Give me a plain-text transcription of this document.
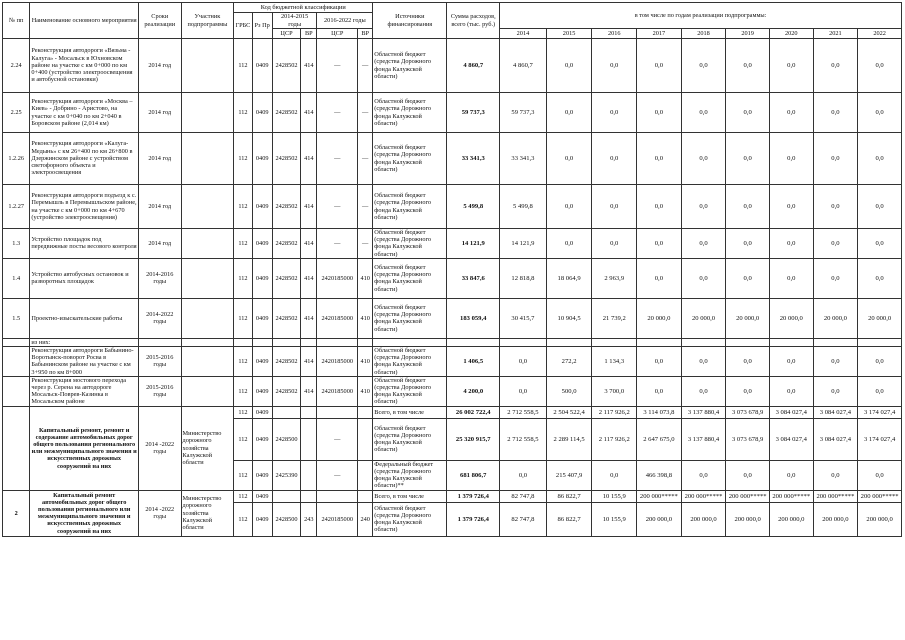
№ пп	Наименование основного мероприятия	Сроки реализации	Участник подпрограммы	Код бюджетной классификации						Источники финансирования	Сумма расходов, всего (тыс. руб.)	в том числе по годам реализации подпрограммы:								
				ГРБС	Рз Пр	2014-2015 годы		2016-2022 годы												

						ЦСР	ВР	ЦСР	ВР			2014	2015	2016	2017	2018	2019	2020	2021	2022
2.24	Реконструкция автодороги «Вязьма - Калуга» - Мосальск в Юхновском районе на участке с км 0+000 по км 0+400 (устройство электроосвещения и автобусной остановки)	2014 год		112	0409	2428502	414	—	—	Областной бюджет (средства Дорожного фонда Калужской области)	4 860,7	4 860,7	0,0	0,0	0,0	0,0	0,0	0,0	0,0	0,0
2.25	Реконструкция автодороги «Москва – Киев» - Добрино - Аристово, на участке с км 0+040 по км 2+040 в Боровском районе (2,014 км)	2014 год		112	0409	2428502	414	—	—	Областной бюджет (средства Дорожного фонда Калужской области)	59 737,3	59 737,3	0,0	0,0	0,0	0,0	0,0	0,0	0,0	0,0
1.2.26	Реконструкция автодороги «Калуга-Медынь» с км 26+400 по км 26+800 в Дзержинском районе с устройством светофорного объекта и электроосвещения	2014 год		112	0409	2428502	414	—	—	Областной бюджет (средства Дорожного фонда Калужской области)	33 341,3	33 341,3	0,0	0,0	0,0	0,0	0,0	0,0	0,0	0,0
1.2.27	Реконструкция автодороги подъезд к с. Перемышль в Перемышльском районе, на участке с км 0+000 по км 4+670 (устройство электроосвещения)	2014 год		112	0409	2428502	414	—	—	Областной бюджет (средства Дорожного фонда Калужской области)	5 499,8	5 499,8	0,0	0,0	0,0	0,0	0,0	0,0	0,0	0,0
1.3	Устройство площадок под передвижные посты весового контроля	2014 год		112	0409	2428502	414	—	—	Областной бюджет (средства Дорожного фонда Калужской области)	14 121,9	14 121,9	0,0	0,0	0,0	0,0	0,0	0,0	0,0	0,0
1.4	Устройство автобусных остановок и разворотных площадок	2014-2016 годы		112	0409	2428502	414	2420185000	410	Областной бюджет (средства Дорожного фонда Калужской области)	33 847,6	12 818,8	18 064,9	2 963,9	0,0	0,0	0,0	0,0	0,0	0,0
1.5	Проектно-изыскательские работы	2014-2022 годы		112	0409	2428502	414	2420185000	410	Областной бюджет (средства Дорожного фонда Калужской области)	183 059,4	30 415,7	10 904,5	21 739,2	20 000,0	20 000,0	20 000,0	20 000,0	20 000,0	20 000,0
	из них:																			
	Реконструкция автодороги Бабынино-Воротынск-поворот Росва в Бабынинском районе на участке с км 3+950 по км 8+000	2015-2016 годы		112	0409	2428502	414	2420185000	410	Областной бюджет (средства Дорожного фонда Калужской области)	1 406,5	0,0	272,2	1 134,3	0,0	0,0	0,0	0,0	0,0	0,0
	Реконструкция мостового перехода через р. Серена на автодороге Мосальск-Поврев-Казинка в Мосальском районе	2015-2016 годы		112	0409	2428502	414	2420185000	410	Областной бюджет (средства Дорожного фонда Калужской области)	4 200,0	0,0	500,0	3 700,0	0,0	0,0	0,0	0,0	0,0	0,0
	Капитальный ремонт, ремонт и содержание автомобильных дорог общего пользования регионального или межмуниципального значения и искусственных дорожных сооружений на них	2014 -2022 годы	Министерство дорожного хозяйства Калужской области	112	0409					Всего, в том числе	26 002 722,4	2 712 558,5	2 504 522,4	2 117 926,2	3 114 073,8	3 137 880,4	3 073 678,9	3 084 027,4	3 084 027,4	3 174 027,4
				112	0409	2428500		—		Областной бюджет (средства Дорожного фонда Калужской области)	25 320 915,7	2 712 558,5	2 289 114,5	2 117 926,2	2 647 675,0	3 137 880,4	3 073 678,9	3 084 027,4	3 084 027,4	3 174 027,4
				112	0409	2425390		—		Федеральный бюджет (средства Дорожного фонда Калужской области)**	681 806,7	0,0	215 407,9	0,0	466 398,8	0,0	0,0	0,0	0,0	0,0
2	Капитальный ремонт автомобильных дорог общего пользования регионального или межмуниципального значения и искусственных дорожных сооружений на них	2014 -2022 годы	Министерство дорожного хозяйства Калужской области	112	0409					Всего, в том числе	1 379 726,4	82 747,8	86 822,7	10 155,9	200 000*****	200 000*****	200 000*****	200 000*****	200 000*****	200 000*****
				112	0409	2428500	243	2420185000	240	Областной бюджет (средства Дорожного фонда Калужской области)	1 379 726,4	82 747,8	86 822,7	10 155,9	200 000,0	200 000,0	200 000,0	200 000,0	200 000,0	200 000,0
